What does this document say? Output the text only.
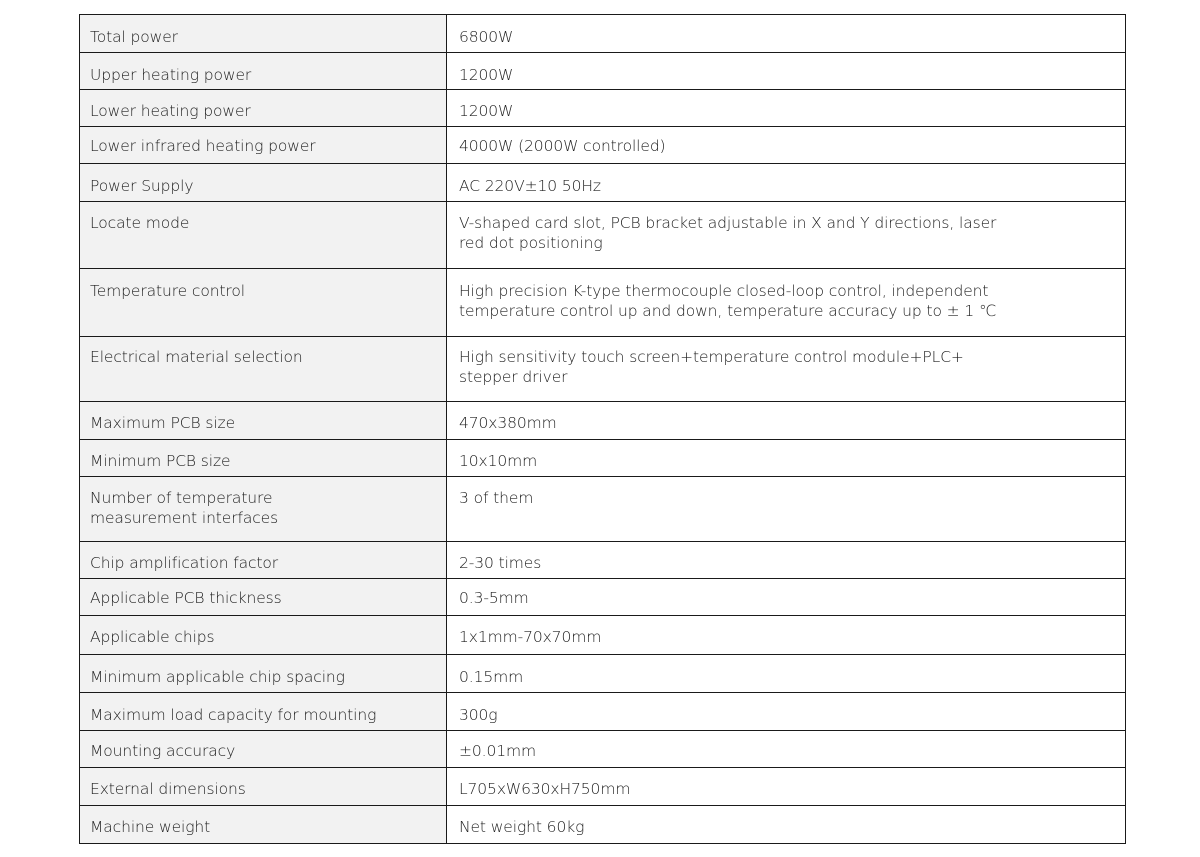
Total power	6800W

Upper heating power	1200W

Lower heating power	1200W

Lower infrared heating power	4000W (2000W controlled)

Power Supply	AC 220V±10 50Hz

Locate mode	V-shaped card slot, PCB bracket adjustable in X and Y directions, laser
red dot positioning

Temperature control	High precision K-type thermocouple closed-loop control, independent
temperature control up and down, temperature accuracy up to ± 1 ℃

Electrical material selection	High sensitivity touch screen+temperature control module+PLC+
stepper driver

Maximum PCB size	470x380mm

Minimum PCB size	10x10mm

Number of temperature
measurement interfaces	3 of them

Chip amplification factor	2-30 times

Applicable PCB thickness	0.3-5mm

Applicable chips	1x1mm-70x70mm

Minimum applicable chip spacing	0.15mm

Maximum load capacity for mounting	300g

Mounting accuracy	±0.01mm

External dimensions	L705xW630xH750mm

Machine weight	Net weight 60kg
